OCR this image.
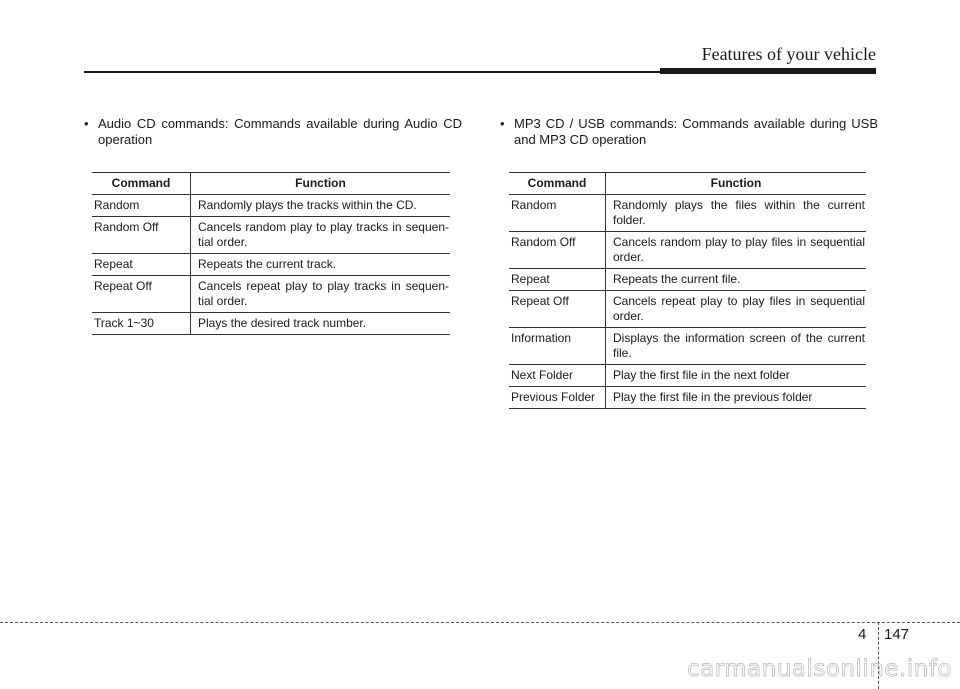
Features of your vehicle
• Audio CD commands: Commands available during Audio CD operation
Command	Function
Random	Randomly plays the tracks within the CD.
Random Off	Cancels random play to play tracks in sequen-tial order.
Repeat	Repeats the current track.
Repeat Off	Cancels repeat play to play tracks in sequen-tial order.
Track 1~30	Plays the desired track number.
• MP3 CD / USB commands: Commands available during USB and MP3 CD operation
Command	Function
Random	Randomly plays the files within the current folder.
Random Off	Cancels random play to play files in sequential order.
Repeat	Repeats the current file.
Repeat Off	Cancels repeat play to play files in sequential order.
Information	Displays the information screen of the current file.
Next Folder	Play the first file in the next folder
Previous Folder	Play the first file in the previous folder
4 147
carmanualsonline.info
